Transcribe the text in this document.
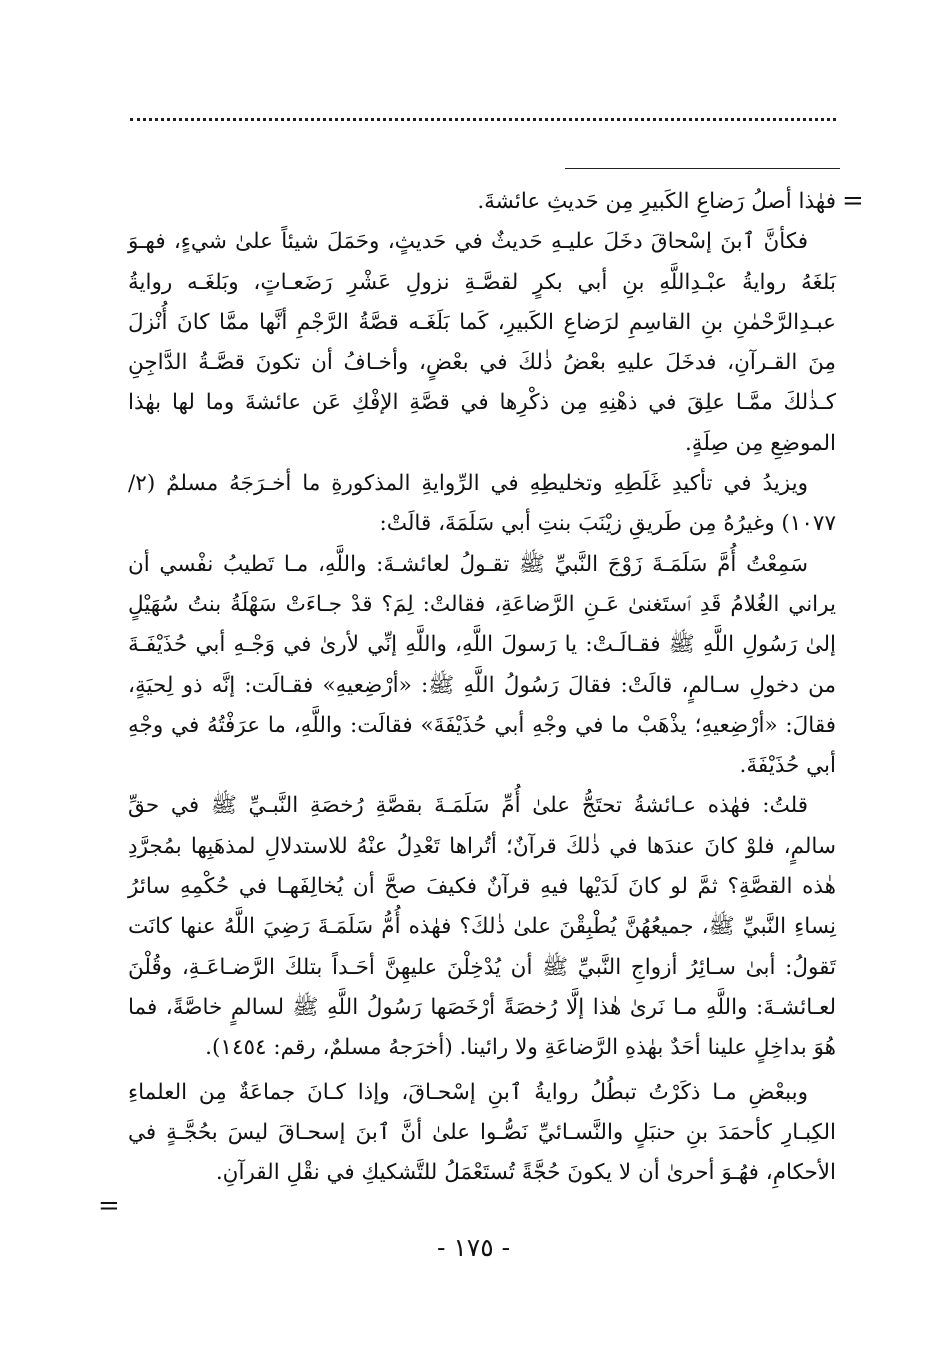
=

فهٰذا أصلُ رَضاعِ الكَبيرِ مِن حَديثِ عائشةَ.

فكأنَّ ٱبنَ إسْحاقَ دخَلَ عليـهِ حَديثٌ في حَديثٍ، وحَمَلَ شيئاً علىٰ شيءٍ، فهـوَ بَلغَهُ روايةُ عبْـدِاللَّهِ بنِ أبي بكرٍ لقصَّـةِ نزولِ عَشْرِ رَضَعـاتٍ، وبَلغَـه روايةُ عبـدِالرَّحْمٰنِ بنِ القاسِمِ لرَضاعِ الكَبيرِ، كَما بَلَغَـه قصَّةُ الرَّجْمِ أنَّها ممَّا كانَ أُنْزلَ مِنَ القـرآنِ، فدخَلَ عليهِ بعْضُ ذٰلكَ في بعْضٍ، وأخـافُ أن تكونَ قصَّـةُ الدَّاجِنِ كـذٰلكَ ممَّـا علِقَ في ذهْنِهِ مِن ذكْرِها في قصَّةِ الإفْكِ عَن عائشةَ وما لها بهٰذا الموضِعِ مِن صِلَةٍ.

ويزيدُ في تأكيدِ غَلَطِهِ وتخليطِهِ في الرِّوايةِ المذكورةِ ما أخـرَجَهُ مسلمٌ (٢/ ١٠٧٧) وغيرُهُ مِن طَريقِ زيْنَبَ بنتِ أبي سَلَمَةَ، قالَتْ:

سَمِعْتُ أُمَّ سَلَمَـةَ زَوْجَ النَّبيِّ ﷺ تقـولُ لعائشـةَ: واللَّهِ، مـا تَطيبُ نفْسي أن يراني الغُلامُ قَدِ ٱستَغنىٰ عَـنِ الرَّضاعَةِ، فقالتْ: لِمَ؟ قدْ جـاءَتْ سَهْلَةُ بنتُ سُهَيْلٍ إلىٰ رَسُولِ اللَّهِ ﷺ فقـالَـتْ: يا رَسولَ اللَّهِ، واللَّهِ إنِّي لأرىٰ في وَجْـهِ أبي حُذَيْفَـةَ من دخولِ سـالمٍ، قالَتْ: فقالَ رَسُولُ اللَّهِ ﷺ: «أرْضِعيهِ» فقـالَت: إنَّه ذو لِحيَةٍ، فقالَ: «أرْضِعيهِ؛ يذْهَبْ ما في وجْهِ أبي حُذَيْفَةَ» فقالَت: واللَّهِ، ما عرَفْتُهُ في وجْهِ أبي حُذَيْفَةَ.

قلتُ: فهٰذه عـائشةُ تحتَجُّ علىٰ أُمِّ سَلَمَـةَ بقصَّةِ رُخصَةِ النَّبـيِّ ﷺ في حقِّ سالمٍ، فلوْ كانَ عندَها في ذٰلكَ قرآنٌ؛ أتُراها تَعْدِلُ عنْهُ للاستدلالِ لمذهَبِها بمُجرَّدِ هٰذه القصَّةِ؟ ثمَّ لو كانَ لَدَيْها فيهِ قرآنٌ فكيفَ صحَّ أن يُخالِفَهـا في حُكْمِهِ سائرُ نِساءِ النَّبيِّ ﷺ، جميعُهُنَّ يُطْبِقْنَ علىٰ ذٰلكَ؟ فهٰذه أُمُّ سَلَمَـةَ رَضِيَ اللَّهُ عنها كانَت تَقولُ: أبىٰ سـائِرُ أزواجِ النَّبيِّ ﷺ أن يُدْخِلْنَ عليهِنَّ أحَـداً بتلكَ الرَّضـاعَـةِ، وقُلْنَ لعـائشـةَ: واللَّهِ مـا نَرىٰ هٰذا إلَّا رُخصَةً أرْخَصَها رَسُولُ اللَّهِ ﷺ لسالمٍ خاصَّةً، فما هُوَ بداخِلٍ علينا أحَدٌ بهٰذهِ الرَّضاعَةِ ولا رائينا. (أخرَجهُ مسلمٌ، رقم: ١٤٥٤).

وببعْضِ مـا ذكَرْتُ تبطُلُ روايةُ ٱبنِ إسْحـاقَ، وإذا كـانَ جماعَةٌ مِن العلماءِ الكِبـارِ كأحمَدَ بنِ حنبَلٍ والنَّسـائيِّ نَصُّـوا علىٰ أنَّ ٱبنَ إسحـاقَ ليسَ بحُجَّـةٍ في الأحكامِ، فهُـوَ أحرىٰ أن لا يكونَ حُجَّةً تُستَعْمَلُ للتَّشكيكِ في نقْلِ القرآنِ.

=
- ١٧٥ -
